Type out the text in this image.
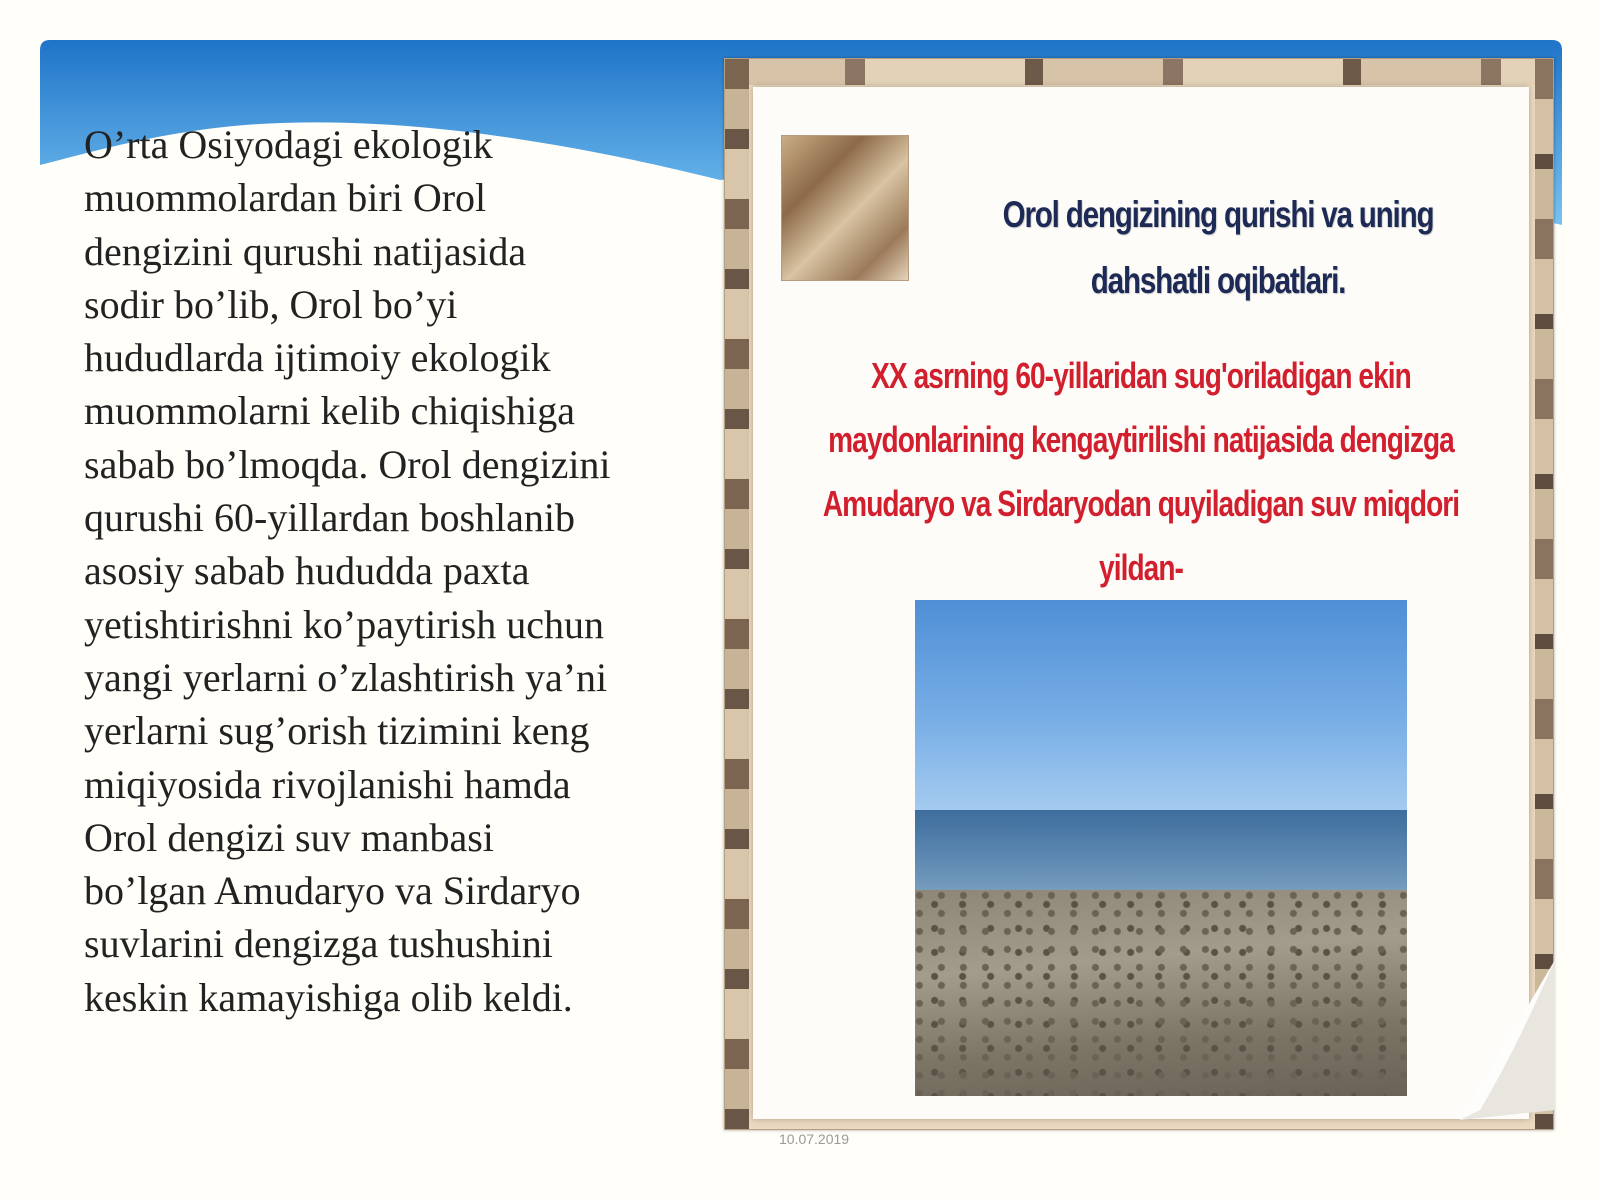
O’rta Osiyodagi ekologik
muommolardan biri Orol
dengizini qurushi natijasida
sodir bo’lib, Orol bo’yi
hududlarda ijtimoiy ekologik
muommolarni kelib chiqishiga
sabab bo’lmoqda. Orol dengizini
qurushi 60-yillardan boshlanib
asosiy sabab hududda paxta
yetishtirishni ko’paytirish uchun
yangi yerlarni o’zlashtirish ya’ni
yerlarni sug’orish tizimini keng
miqiyosida rivojlanishi hamda
Orol dengizi suv manbasi
bo’lgan Amudaryo va Sirdaryo
suvlarini dengizga tushushini
keskin kamayishiga olib keldi.

Orol dengizining qurishi va uning
dahshatli oqibatlari.

XX asrning 60-yillaridan sug'oriladigan ekin
maydonlarining kengaytirilishi natijasida dengizga
Amudaryo va Sirdaryodan quyiladigan suv miqdori yildan-

10.07.2019
